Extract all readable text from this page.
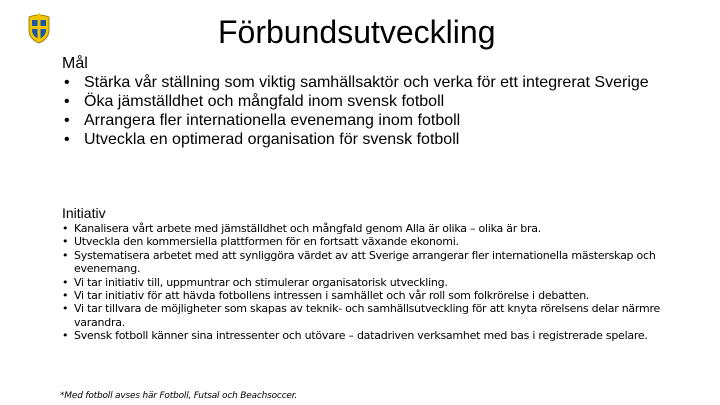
Förbundsutveckling
Mål
• Stärka vår ställning som viktig samhällsaktör och verka för ett integrerat Sverige
• Öka jämställdhet och mångfald inom svensk fotboll
• Arrangera fler internationella evenemang inom fotboll
• Utveckla en optimerad organisation för svensk fotboll
Initiativ
• Kanalisera vårt arbete med jämställdhet och mångfald genom Alla är olika – olika är bra.
• Utveckla den kommersiella plattformen för en fortsatt växande ekonomi.
• Systematisera arbetet med att synliggöra värdet av att Sverige arrangerar fler internationella mästerskap och evenemang.
• Vi tar initiativ till, uppmuntrar och stimulerar organisatorisk utveckling.
• Vi tar initiativ för att hävda fotbollens intressen i samhället och vår roll som folkrörelse i debatten.
• Vi tar tillvara de möjligheter som skapas av teknik- och samhällsutveckling för att knyta rörelsens delar närmre varandra.
• Svensk fotboll känner sina intressenter och utövare – datadriven verksamhet med bas i registrerade spelare.
*Med fotboll avses här Fotboll, Futsal och Beachsoccer.
